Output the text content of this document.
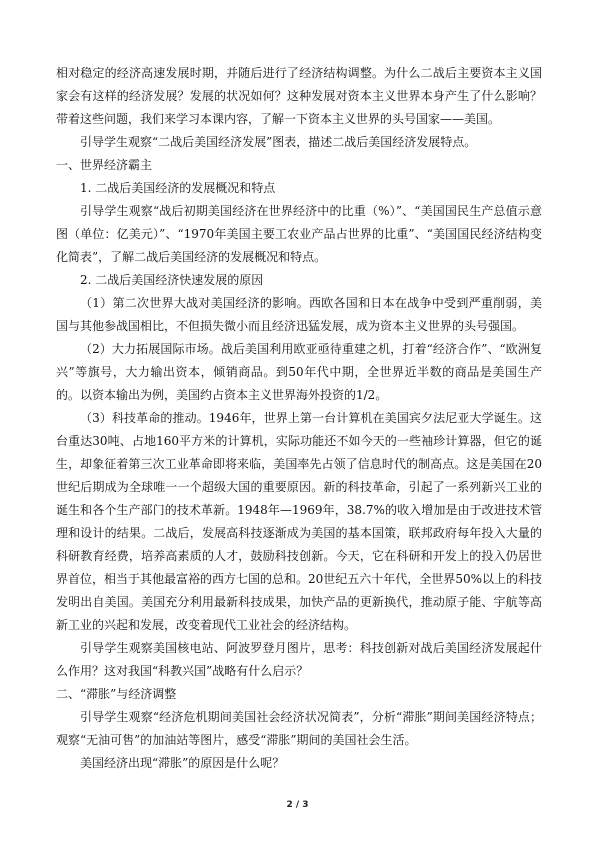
相对稳定的经济高速发展时期，并随后进行了经济结构调整。为什么二战后主要资本主义国家会有这样的经济发展？发展的状况如何？这种发展对资本主义世界本身产生了什么影响？带着这些问题，我们来学习本课内容，了解一下资本主义世界的头号国家——美国。

引导学生观察“二战后美国经济发展”图表，描述二战后美国经济发展特点。

一、世界经济霸主

1. 二战后美国经济的发展概况和特点

引导学生观察“战后初期美国经济在世界经济中的比重（%）”、“美国国民生产总值示意图（单位：亿美元）”、“1970年美国主要工农业产品占世界的比重”、“美国国民经济结构变化简表”，了解二战后美国经济的发展概况和特点。

2. 二战后美国经济快速发展的原因

（1）第二次世界大战对美国经济的影响。西欧各国和日本在战争中受到严重削弱，美国与其他参战国相比，不但损失微小而且经济迅猛发展，成为资本主义世界的头号强国。

（2）大力拓展国际市场。战后美国利用欧亚亟待重建之机，打着“经济合作”、“欧洲复兴”等旗号，大力输出资本，倾销商品。到50年代中期，全世界近半数的商品是美国生产的。以资本输出为例，美国约占资本主义世界海外投资的1/2。

（3）科技革命的推动。1946年，世界上第一台计算机在美国宾夕法尼亚大学诞生。这台重达30吨、占地160平方米的计算机，实际功能还不如今天的一些袖珍计算器，但它的诞生，却象征着第三次工业革命即将来临，美国率先占领了信息时代的制高点。这是美国在20世纪后期成为全球唯一一个超级大国的重要原因。新的科技革命，引起了一系列新兴工业的诞生和各个生产部门的技术革新。1948年—1969年，38.7%的收入增加是由于改进技术管理和设计的结果。二战后，发展高科技逐渐成为美国的基本国策，联邦政府每年投入大量的科研教育经费，培养高素质的人才，鼓励科技创新。今天，它在科研和开发上的投入仍居世界首位，相当于其他最富裕的西方七国的总和。20世纪五六十年代，全世界50%以上的科技发明出自美国。美国充分利用最新科技成果，加快产品的更新换代，推动原子能、宇航等高新工业的兴起和发展，改变着现代工业社会的经济结构。

引导学生观察美国核电站、阿波罗登月图片，思考：科技创新对战后美国经济发展起什么作用？这对我国“科教兴国”战略有什么启示？

二、“滞胀”与经济调整

引导学生观察“经济危机期间美国社会经济状况简表”，分析“滞胀”期间美国经济特点；观察“无油可售”的加油站等图片，感受“滞胀”期间的美国社会生活。

美国经济出现“滞胀”的原因是什么呢？

2 / 3
